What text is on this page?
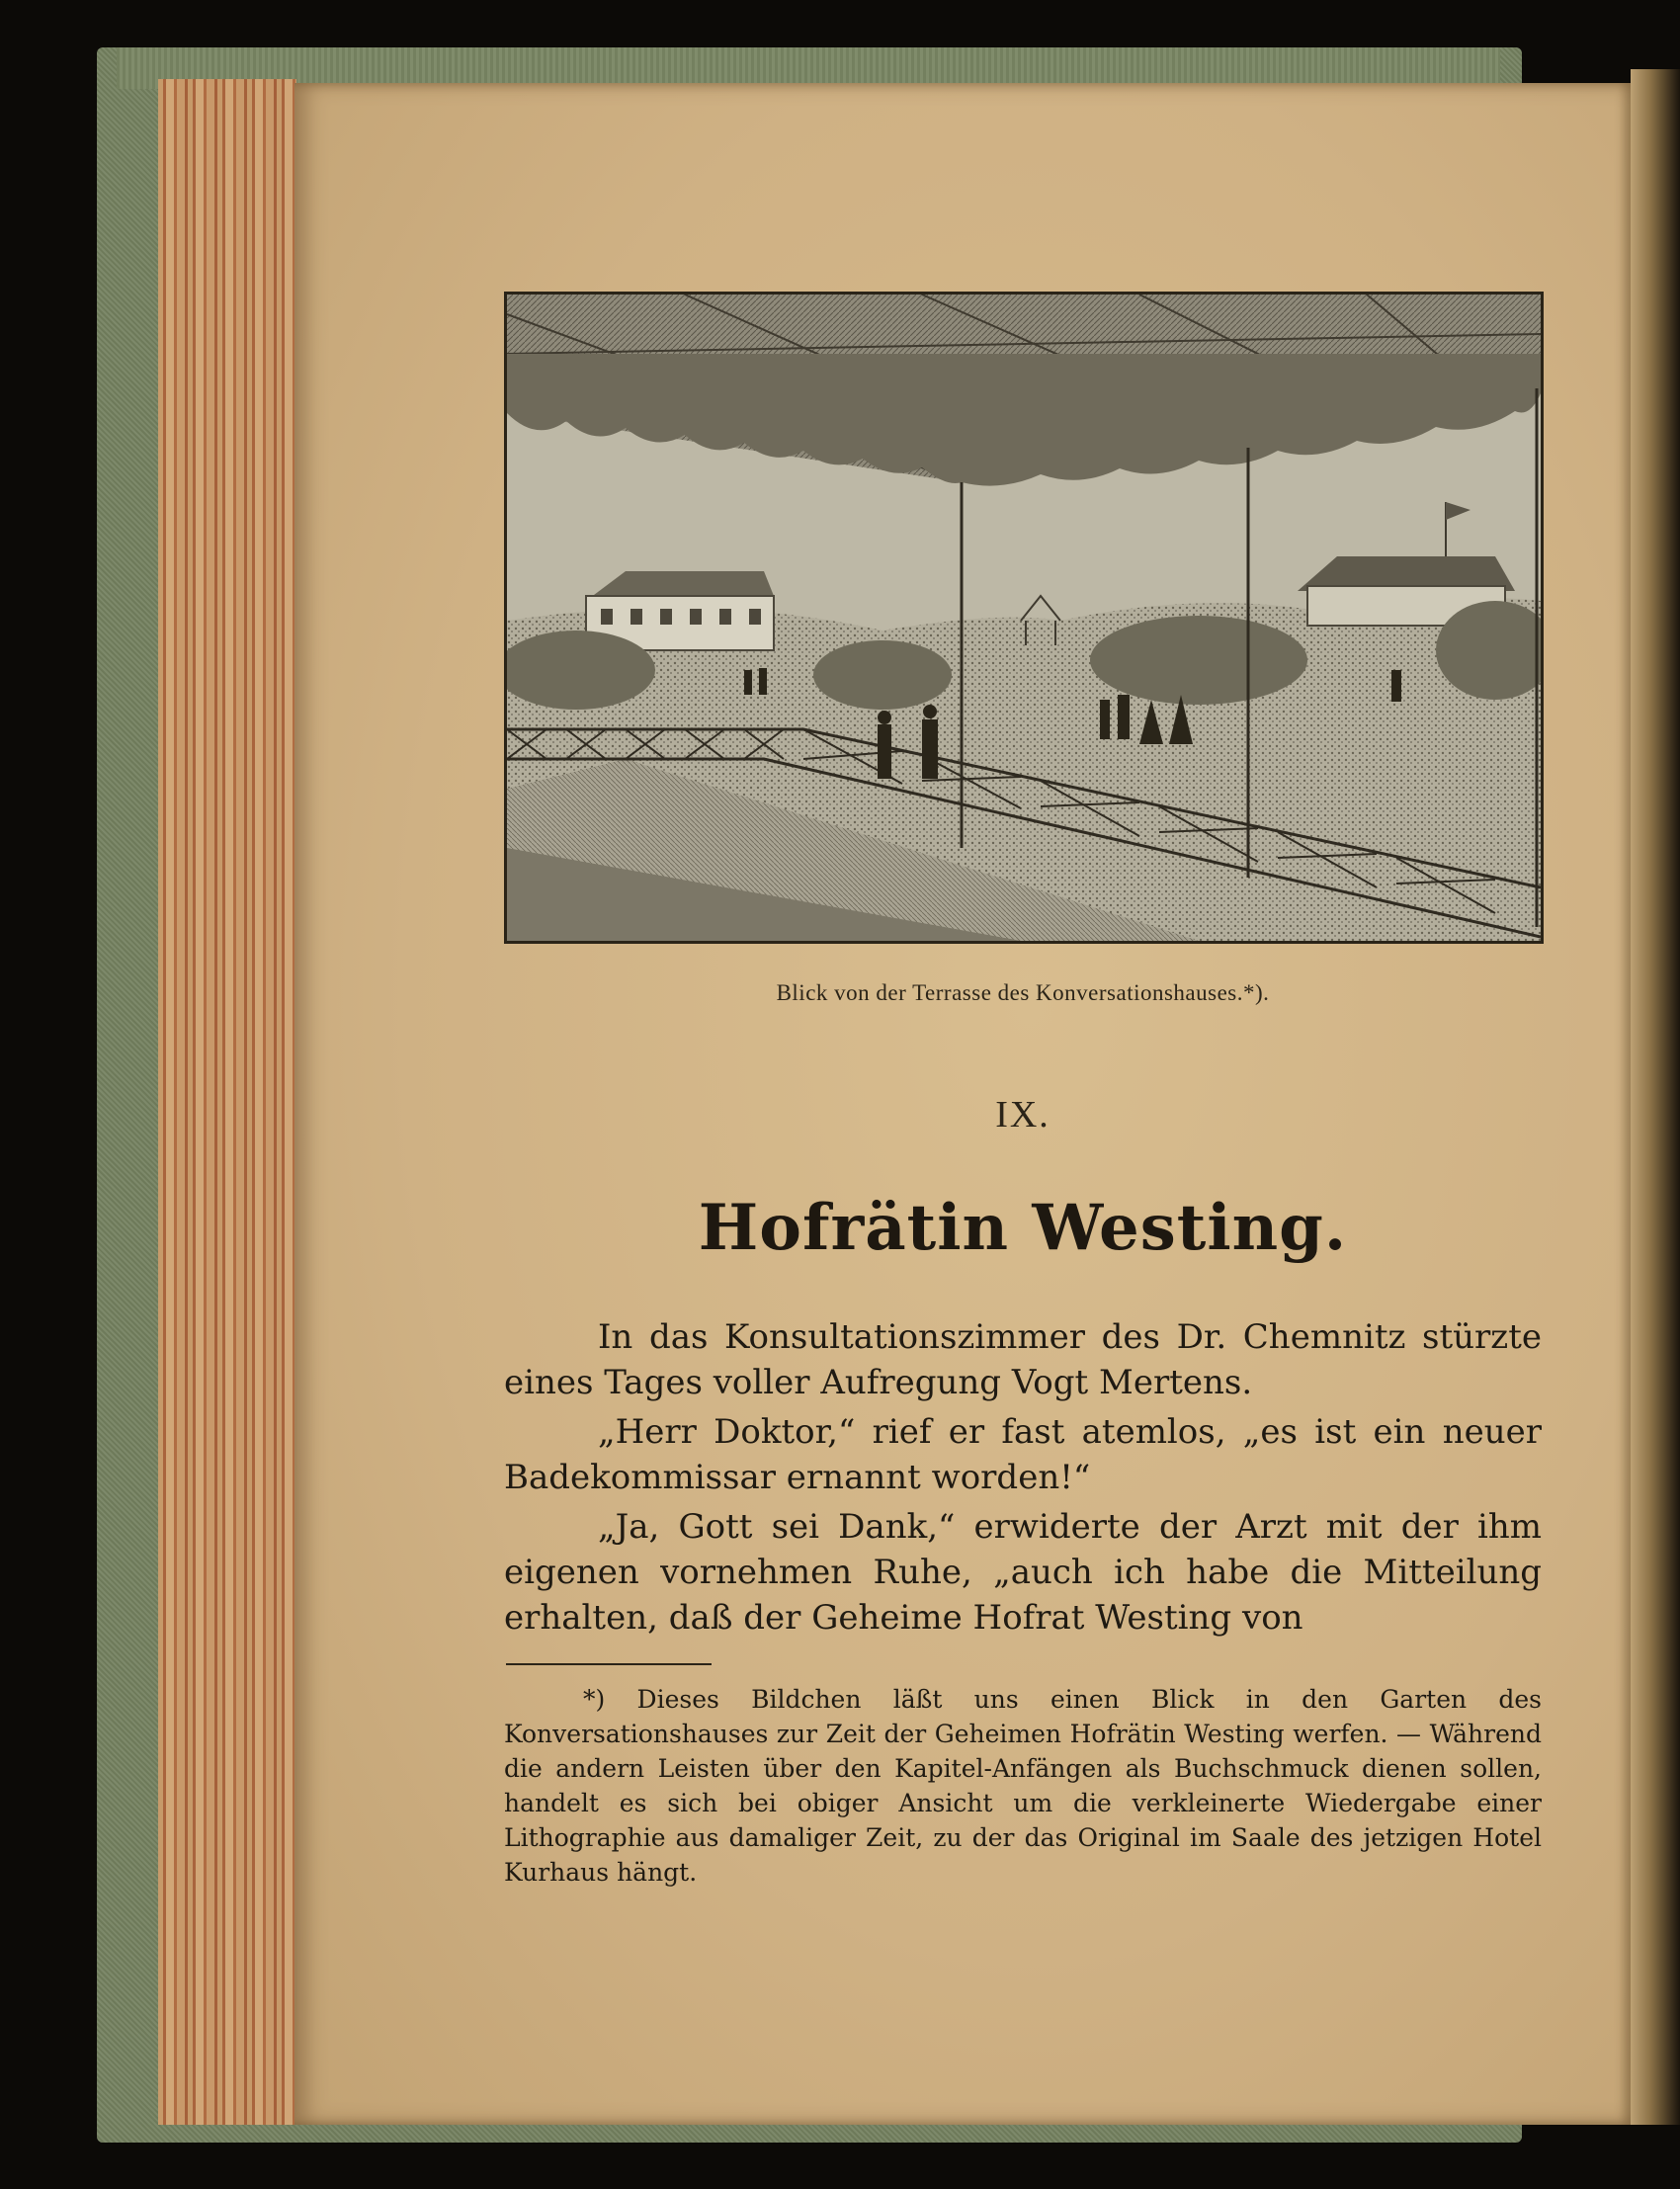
Blick von der Terrasse des Konversationshauses.*).
IX.
Hofrätin Westing.

In das Konsultationszimmer des Dr. Chemnitz stürzte eines Tages voller Aufregung Vogt Mertens.

„Herr Doktor,“ rief er fast atemlos, „es ist ein neuer Badekommissar ernannt worden!“

„Ja, Gott sei Dank,“ erwiderte der Arzt mit der ihm eigenen vornehmen Ruhe, „auch ich habe die Mitteilung erhalten, daß der Geheime Hofrat Westing von

*) Dieses Bildchen läßt uns einen Blick in den Garten des Konversationshauses zur Zeit der Geheimen Hofrätin Westing werfen. — Während die andern Leisten über den Kapitel-Anfängen als Buchschmuck dienen sollen, handelt es sich bei obiger Ansicht um die verkleinerte Wiedergabe einer Lithographie aus damaliger Zeit, zu der das Original im Saale des jetzigen Hotel Kurhaus hängt.
